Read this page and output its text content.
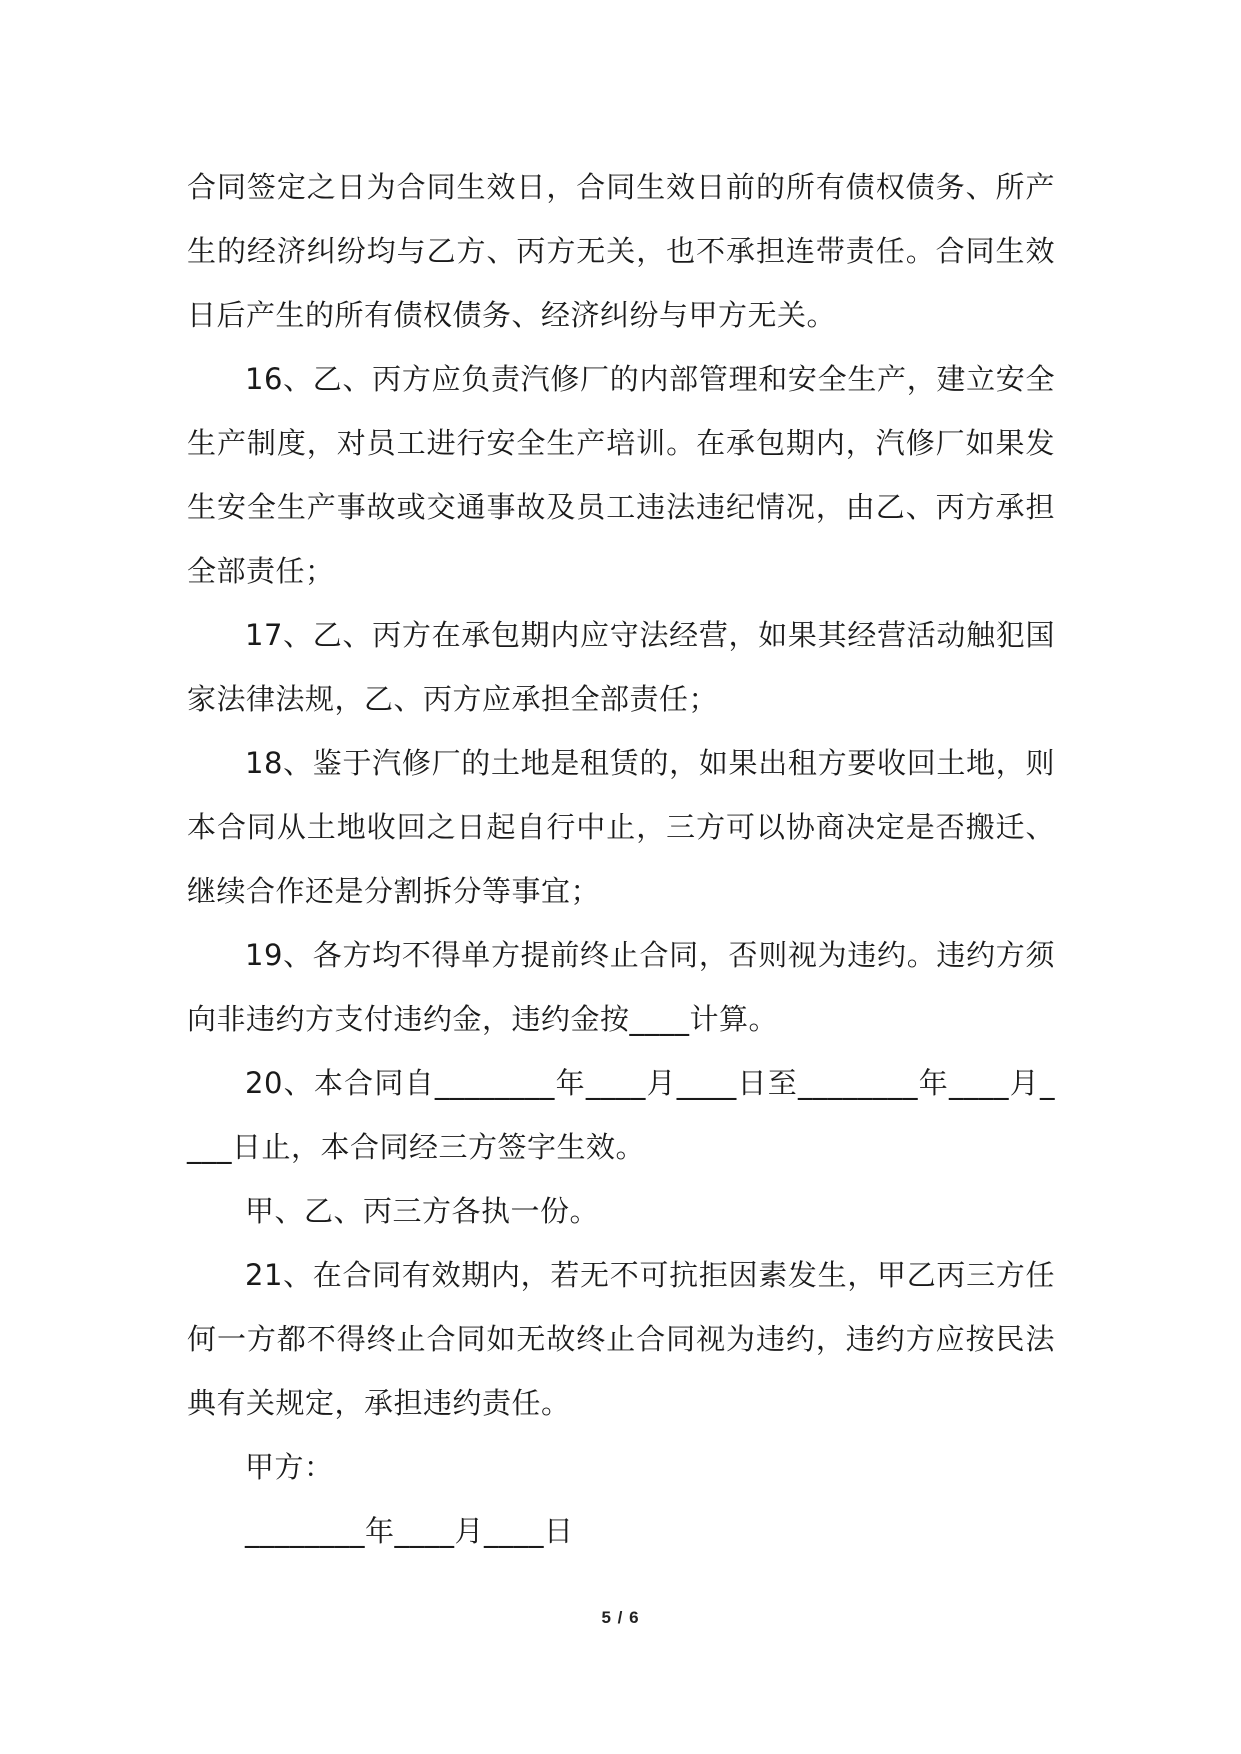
合同签定之日为合同生效日，合同生效日前的所有债权债务、所产生的经济纠纷均与乙方、丙方无关，也不承担连带责任。合同生效日后产生的所有债权债务、经济纠纷与甲方无关。

16、乙、丙方应负责汽修厂的内部管理和安全生产，建立安全生产制度，对员工进行安全生产培训。在承包期内，汽修厂如果发生安全生产事故或交通事故及员工违法违纪情况，由乙、丙方承担全部责任；

17、乙、丙方在承包期内应守法经营，如果其经营活动触犯国家法律法规，乙、丙方应承担全部责任；

18、鉴于汽修厂的土地是租赁的，如果出租方要收回土地，则本合同从土地收回之日起自行中止，三方可以协商决定是否搬迁、继续合作还是分割拆分等事宜；

19、各方均不得单方提前终止合同，否则视为违约。违约方须向非违约方支付违约金，违约金按____计算。

20、本合同自________年____月____日至________年____月____日止，本合同经三方签字生效。

甲、乙、丙三方各执一份。

21、在合同有效期内，若无不可抗拒因素发生，甲乙丙三方任何一方都不得终止合同如无故终止合同视为违约，违约方应按民法典有关规定，承担违约责任。

甲方：

________年____月____日

5 / 6
